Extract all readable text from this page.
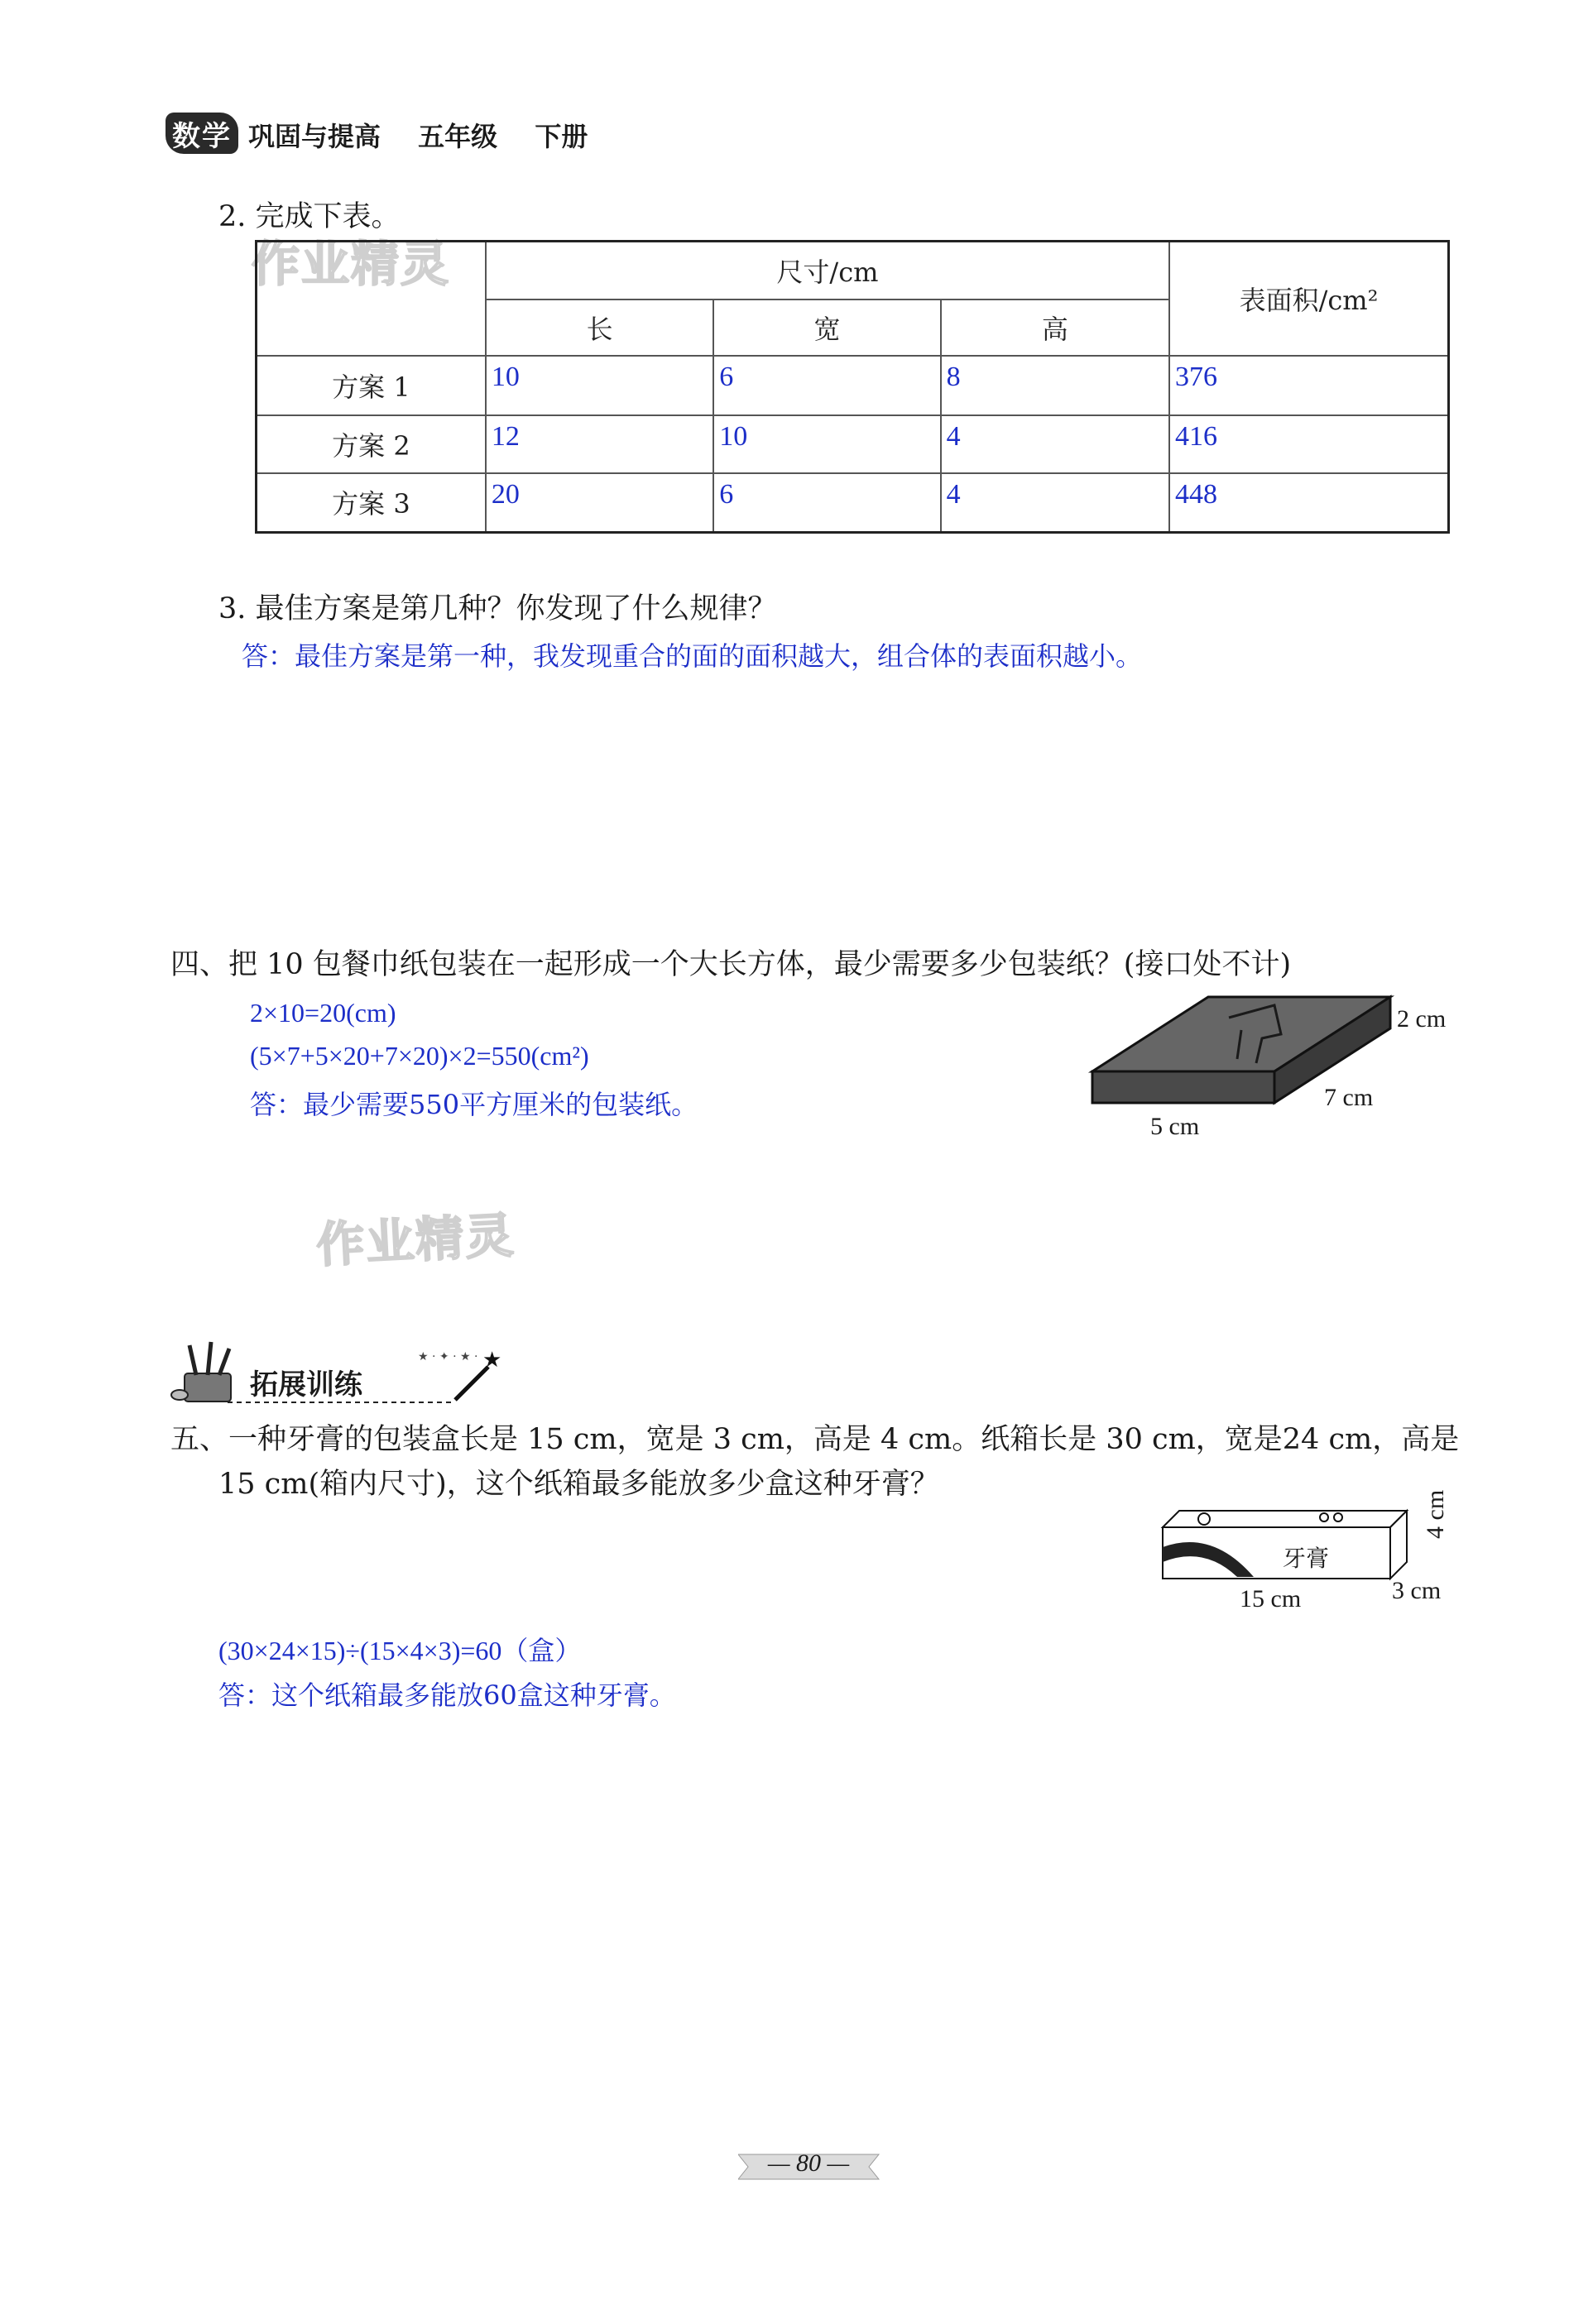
数学 巩固与提高 五年级 下册
2. 完成下表。
作业精灵
		尺寸/cm			表面积/cm²
	长	宽	高	
方案 1	10	6	8	376
方案 2	12	10	4	416
方案 3	20	6	4	448
3. 最佳方案是第几种？你发现了什么规律？
答：最佳方案是第一种，我发现重合的面的面积越大，组合体的表面积越小。
四、把 10 包餐巾纸包装在一起形成一个大长方体，最少需要多少包装纸？(接口处不计)
2×10=20(cm)
(5×7+5×20+7×20)×2=550(cm²)
答：最少需要550平方厘米的包装纸。
2 cm
7 cm
5 cm
作业精灵
★
★ · ✦ · ★ ·
拓展训练
五、一种牙膏的包装盒长是 15 cm，宽是 3 cm，高是 4 cm。纸箱长是 30 cm，宽是24 cm，高是
15 cm(箱内尺寸)，这个纸箱最多能放多少盒这种牙膏？
牙膏
15 cm	3 cm
4 cm
(30×24×15)÷(15×4×3)=60（盒）
答：这个纸箱最多能放60盒这种牙膏。
— 80 —
